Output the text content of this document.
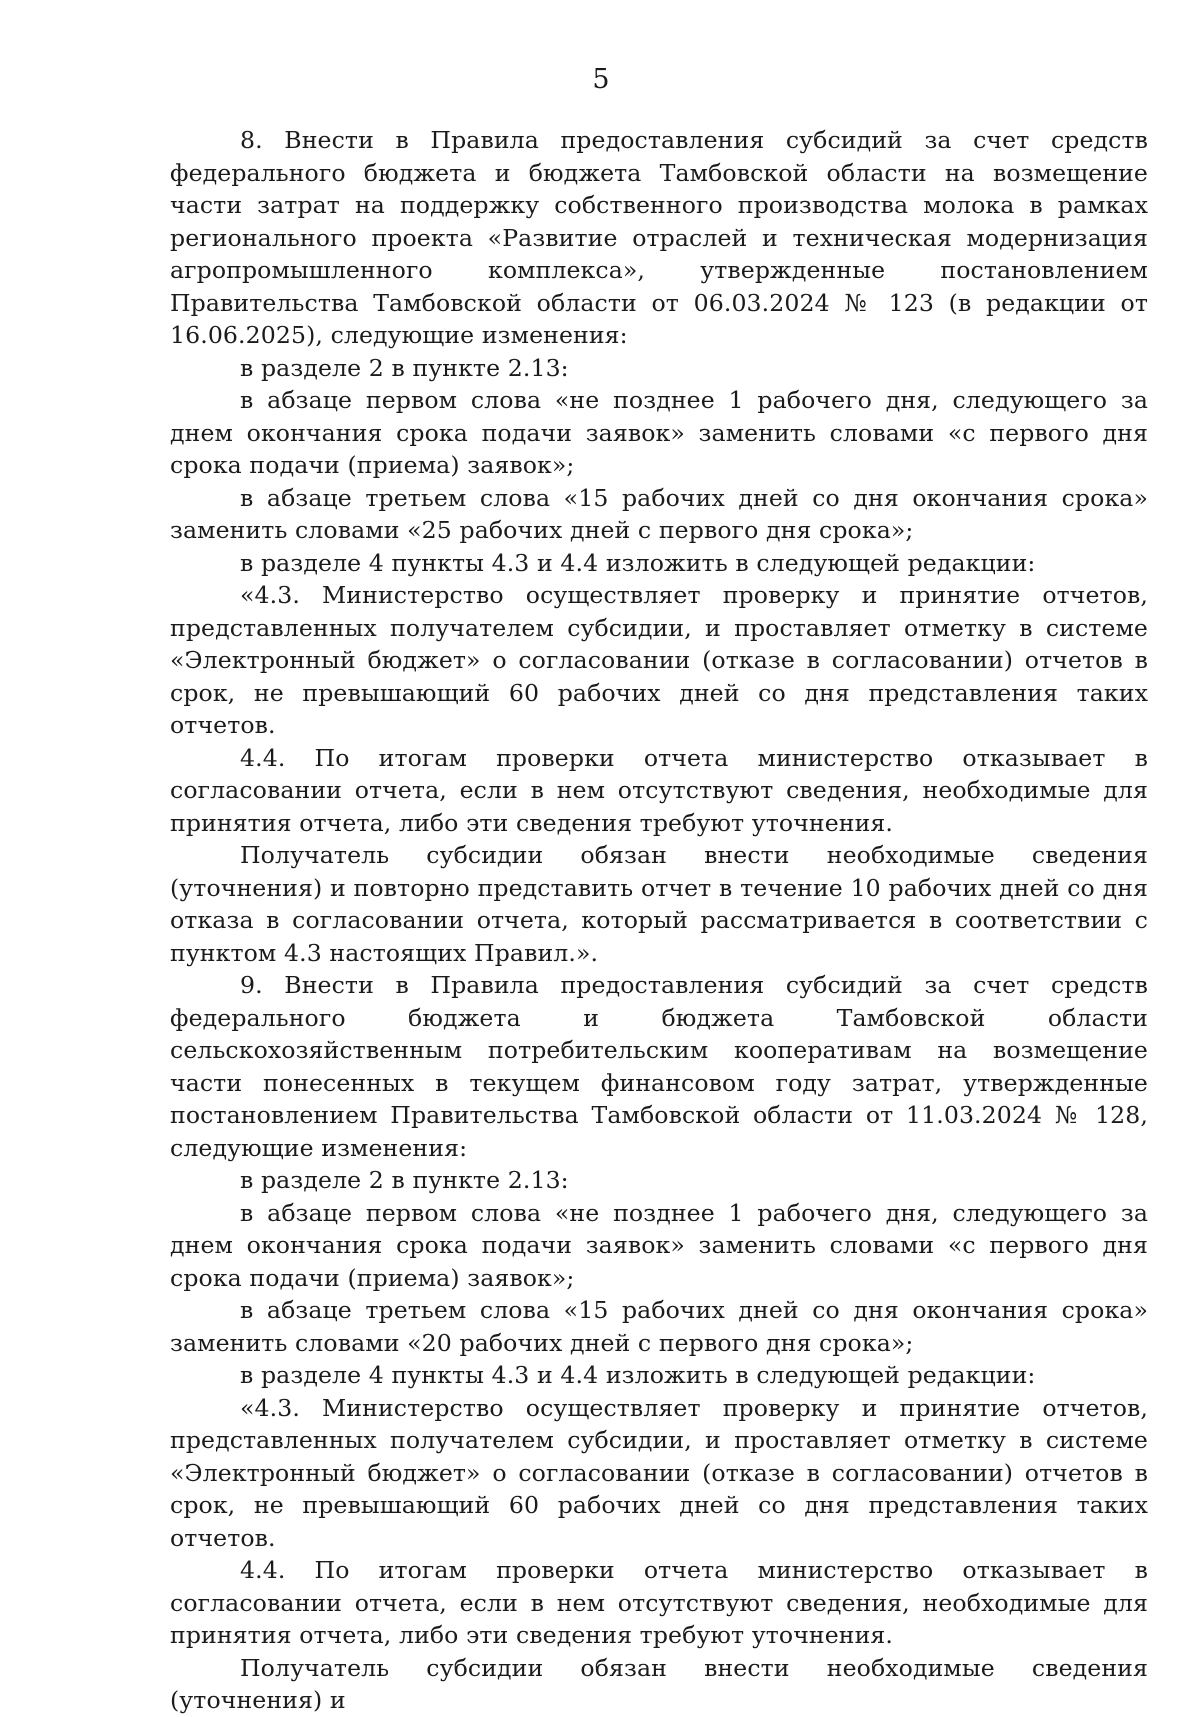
5

8. Внести в Правила предоставления субсидий за счет средств федерального бюджета и бюджета Тамбовской области на возмещение части затрат на поддержку собственного производства молока в рамках регионального проекта «Развитие отраслей и техническая модернизация агропромышленного комплекса», утвержденные постановлением Правительства Тамбовской области от 06.03.2024 № 123 (в редакции от 16.06.2025), следующие изменения:

в разделе 2 в пункте 2.13:

в абзаце первом слова «не позднее 1 рабочего дня, следующего за днем окончания срока подачи заявок» заменить словами «с первого дня срока подачи (приема) заявок»;

в абзаце третьем слова «15 рабочих дней со дня окончания срока» заменить словами «25 рабочих дней с первого дня срока»;

в разделе 4 пункты 4.3 и 4.4 изложить в следующей редакции:

«4.3. Министерство осуществляет проверку и принятие отчетов, представленных получателем субсидии, и проставляет отметку в системе «Электронный бюджет» о согласовании (отказе в согласовании) отчетов в срок, не превышающий 60 рабочих дней со дня представления таких отчетов.

4.4. По итогам проверки отчета министерство отказывает в согласовании отчета, если в нем отсутствуют сведения, необходимые для принятия отчета, либо эти сведения требуют уточнения.

Получатель субсидии обязан внести необходимые сведения (уточнения) и повторно представить отчет в течение 10 рабочих дней со дня отказа в согласовании отчета, который рассматривается в соответствии с пунктом 4.3 настоящих Правил.».

9. Внести в Правила предоставления субсидий за счет средств федерального бюджета и бюджета Тамбовской области сельскохозяйственным потребительским кооперативам на возмещение части понесенных в текущем финансовом году затрат, утвержденные постановлением Правительства Тамбовской области от 11.03.2024 № 128, следующие изменения:

в разделе 2 в пункте 2.13:

в абзаце первом слова «не позднее 1 рабочего дня, следующего за днем окончания срока подачи заявок» заменить словами «с первого дня срока подачи (приема) заявок»;

в абзаце третьем слова «15 рабочих дней со дня окончания срока» заменить словами «20 рабочих дней с первого дня срока»;

в разделе 4 пункты 4.3 и 4.4 изложить в следующей редакции:

«4.3. Министерство осуществляет проверку и принятие отчетов, представленных получателем субсидии, и проставляет отметку в системе «Электронный бюджет» о согласовании (отказе в согласовании) отчетов в срок, не превышающий 60 рабочих дней со дня представления таких отчетов.

4.4. По итогам проверки отчета министерство отказывает в согласовании отчета, если в нем отсутствуют сведения, необходимые для принятия отчета, либо эти сведения требуют уточнения.

Получатель субсидии обязан внести необходимые сведения (уточнения) и
